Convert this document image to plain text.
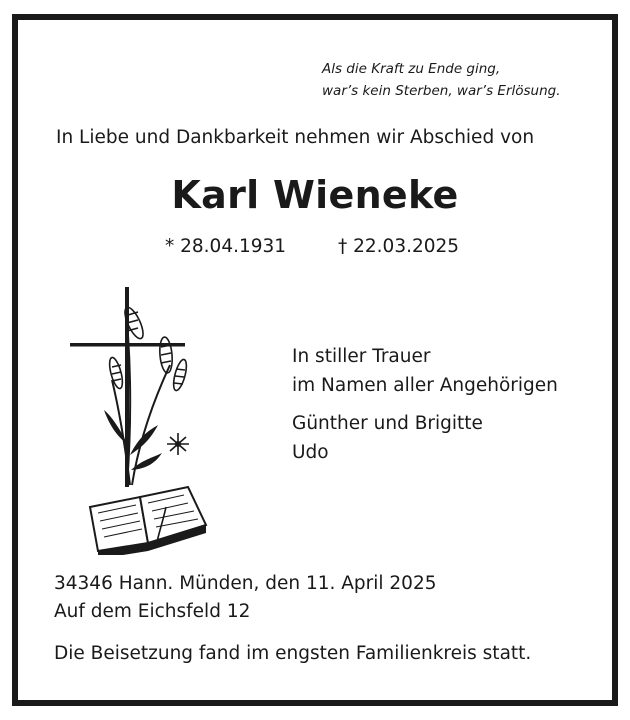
Als die Kraft zu Ende ging,
war’s kein Sterben, war’s Erlösung.
In Liebe und Dankbarkeit nehmen wir Abschied von
Karl Wieneke
* 28.04.1931	† 22.03.2025
In stiller Trauer
im Namen aller Angehörigen
Günther und Brigitte
Udo
34346 Hann. Münden, den 11. April 2025
Auf dem Eichsfeld 12
Die Beisetzung fand im engsten Familienkreis statt.
